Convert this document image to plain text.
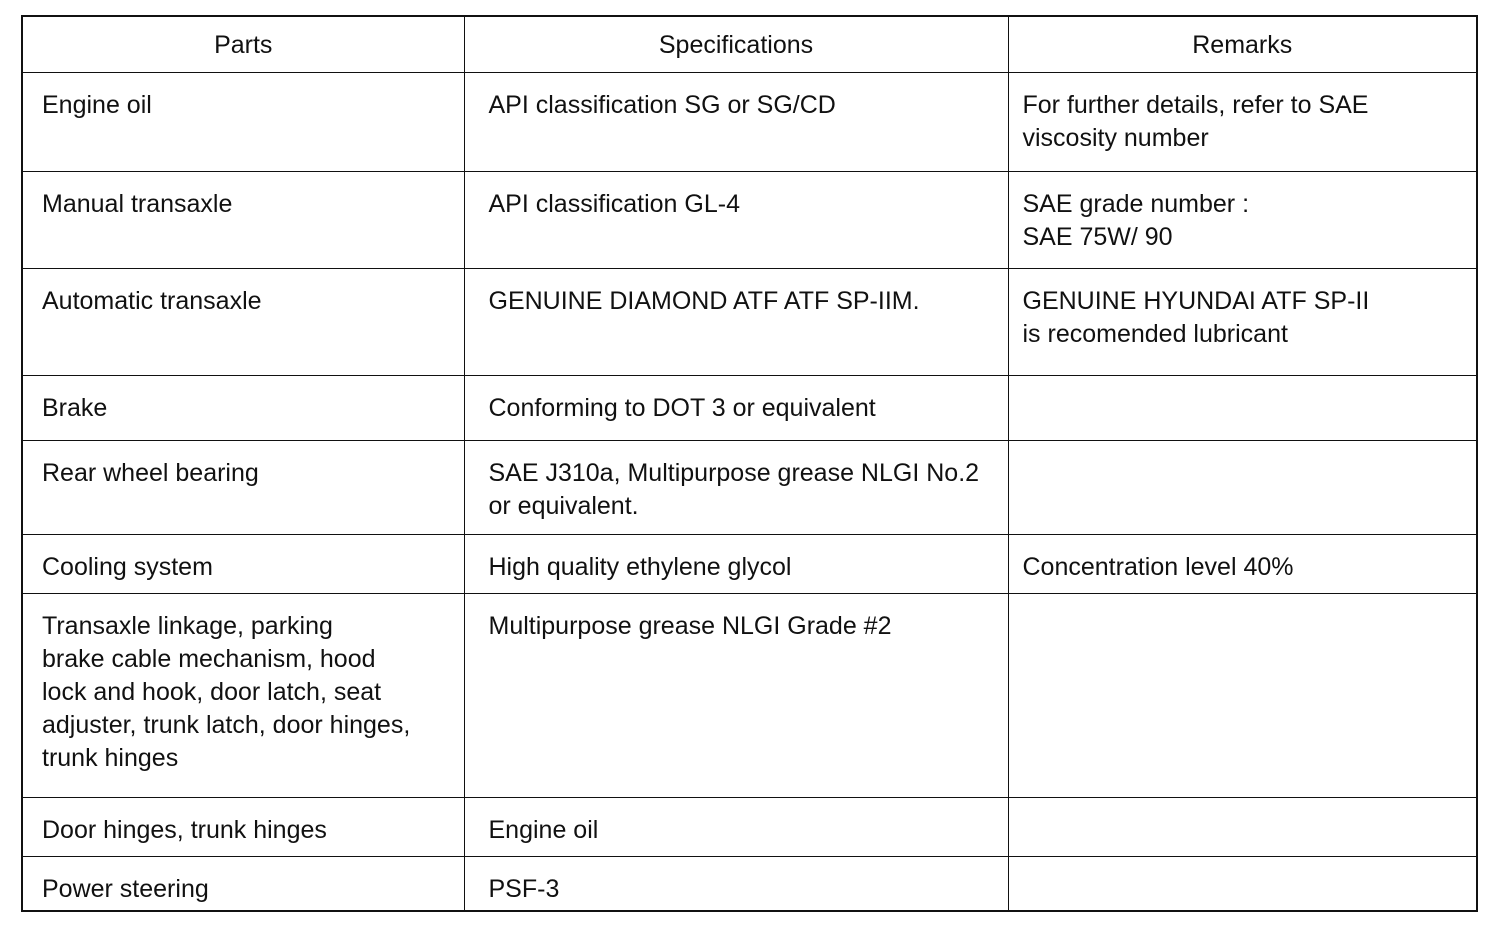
Parts	Specifications	Remarks
Engine oil	API classification SG or SG/CD	For further details, refer to SAE
viscosity number
Manual transaxle	API classification GL-4	SAE grade number :
SAE 75W/ 90
Automatic transaxle	GENUINE DIAMOND ATF ATF SP-IIM.	GENUINE HYUNDAI ATF SP-II
is recomended lubricant
Brake	Conforming to DOT 3 or equivalent	
Rear wheel bearing	SAE J310a, Multipurpose grease NLGI No.2 or equivalent.	
Cooling system	High quality ethylene glycol	Concentration level 40%
Transaxle linkage, parking
brake cable mechanism, hood
lock and hook, door latch, seat
adjuster, trunk latch, door hinges,
trunk hinges	Multipurpose grease NLGI Grade #2	
Door hinges, trunk hinges	Engine oil	
Power steering	PSF-3	
